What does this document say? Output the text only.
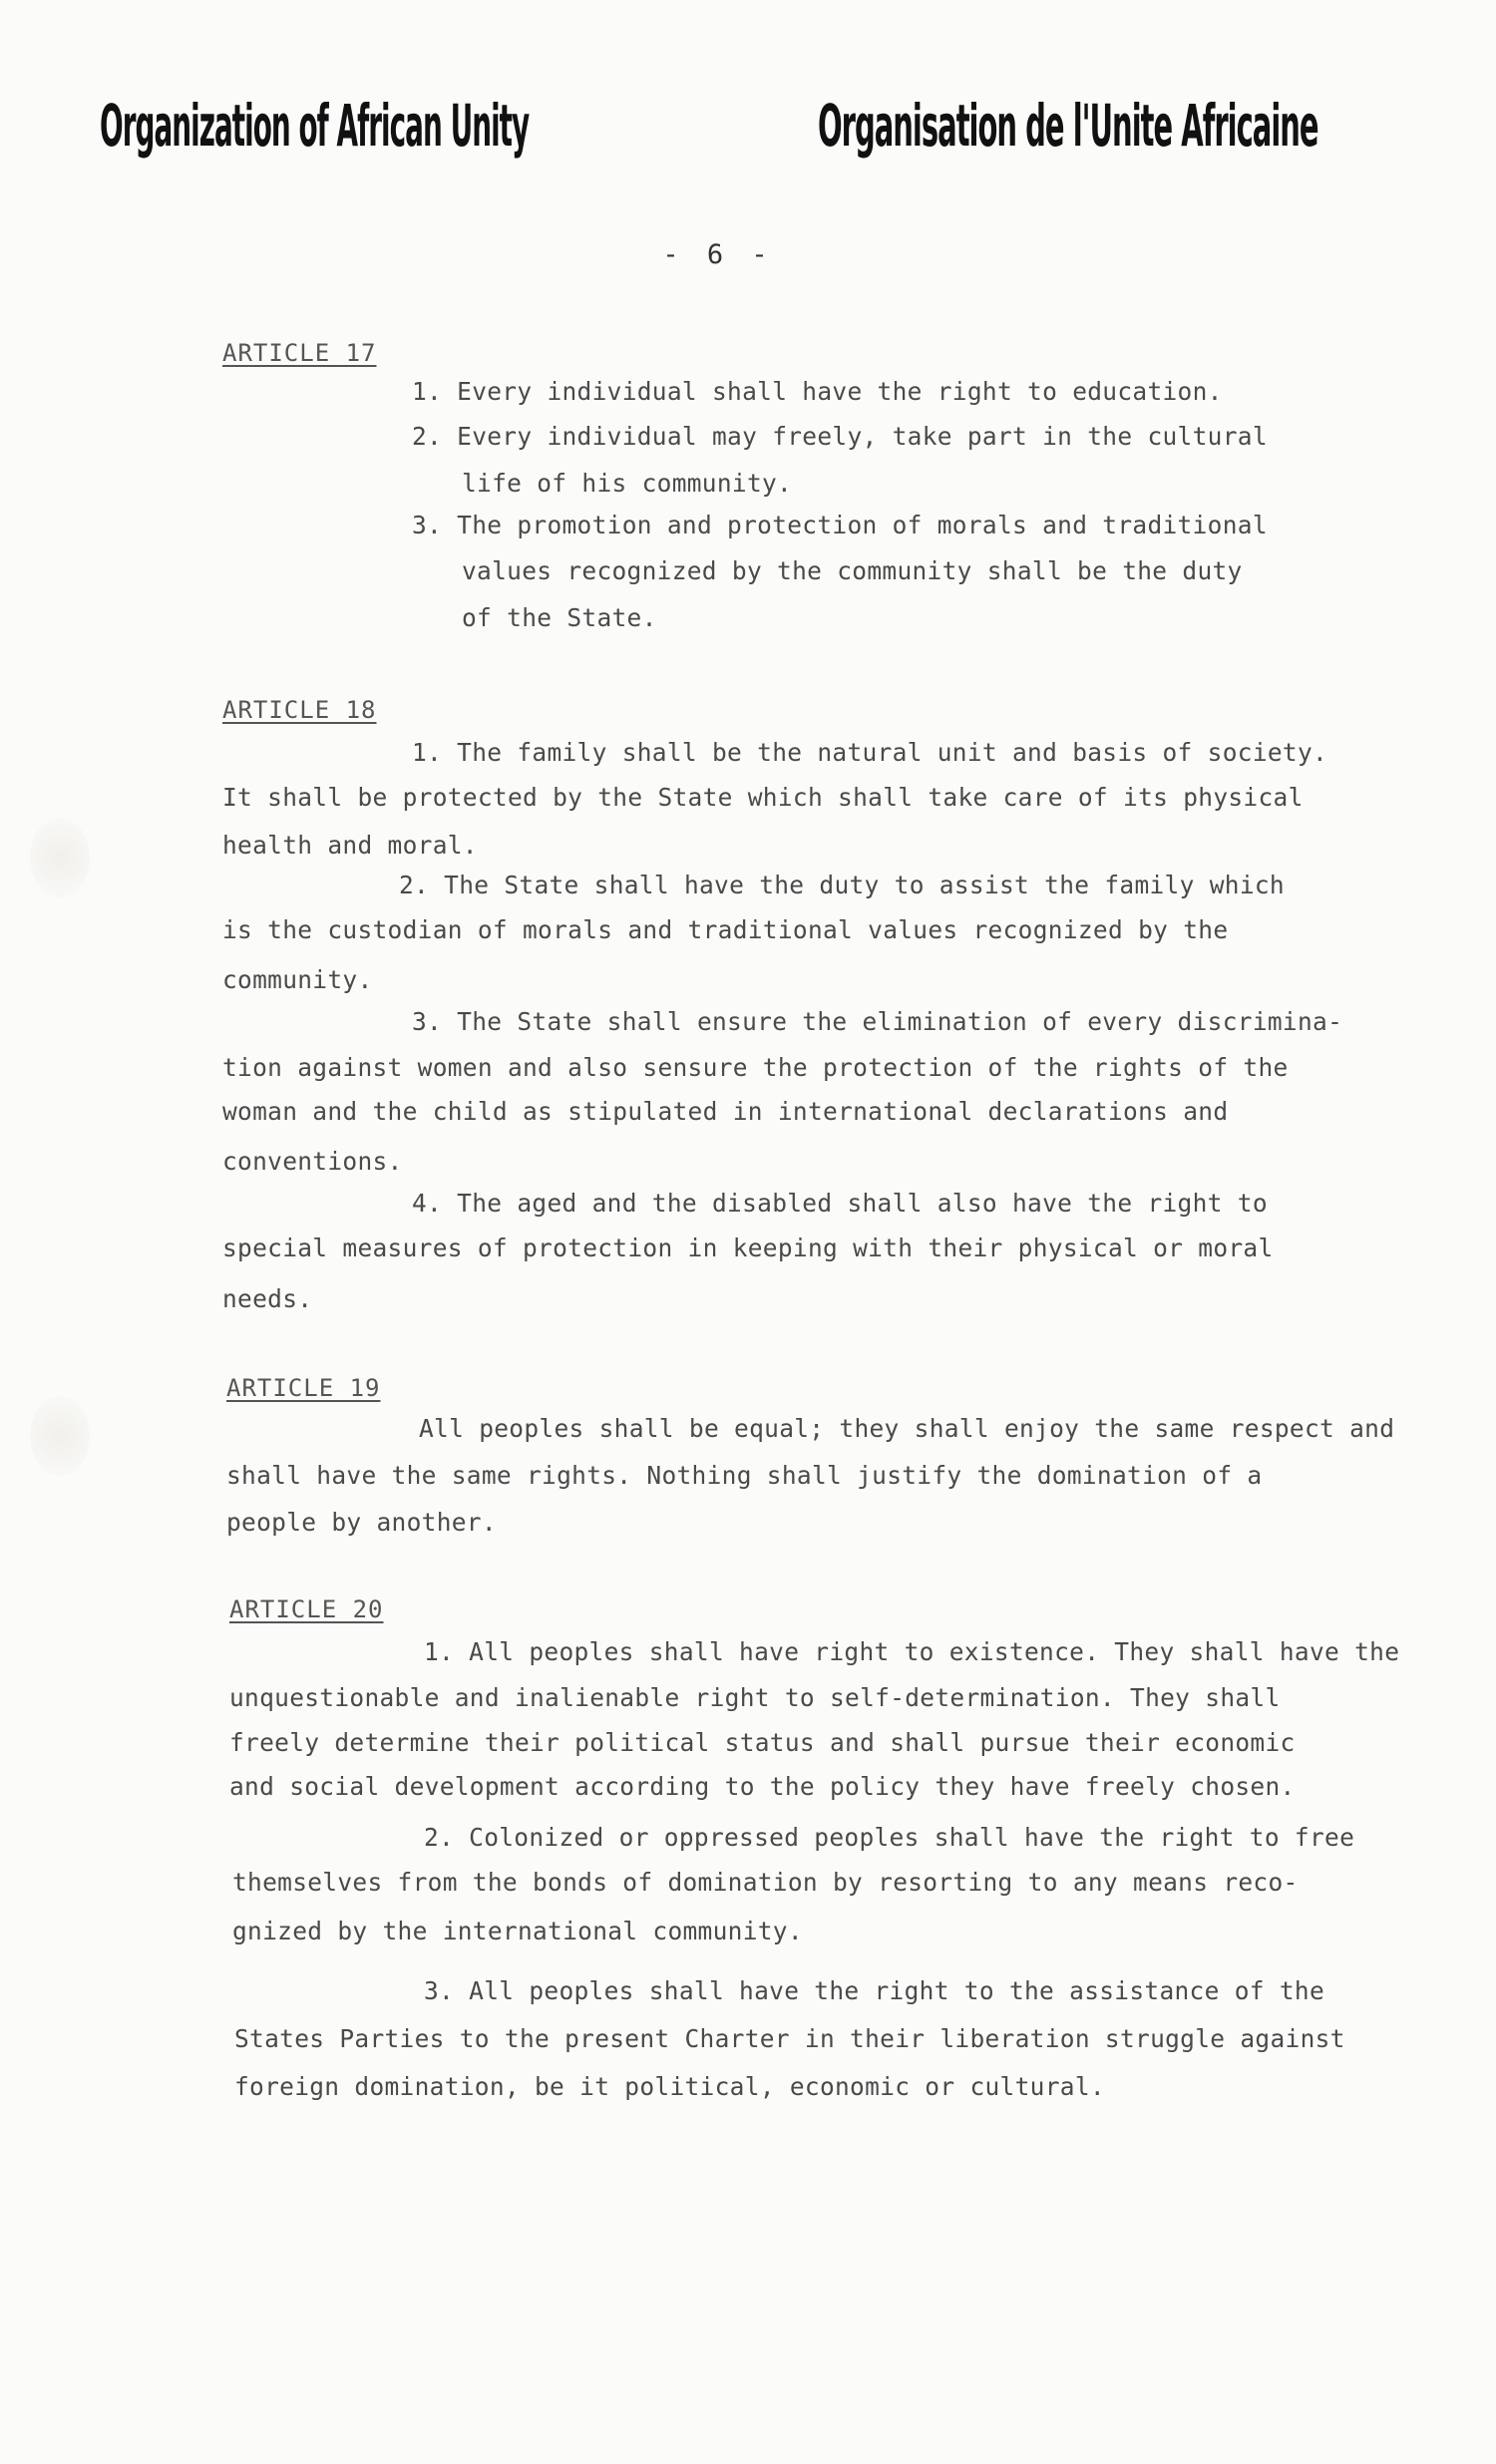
Organization of African Unity	Organisation de l'Unite Africaine
- 6 -
ARTICLE 17
1. Every individual shall have the right to education.
2. Every individual may freely, take part in the cultural
life of his community.
3. The promotion and protection of morals and traditional
values recognized by the community shall be the duty
of the State.
ARTICLE 18
1. The family shall be the natural unit and basis of society.
It shall be protected by the State which shall take care of its physical
health and moral.
2. The State shall have the duty to assist the family which
is the custodian of morals and traditional values recognized by the
community.
3. The State shall ensure the elimination of every discrimina-
tion against women and also sensure the protection of the rights of the
woman and the child as stipulated in international declarations and
conventions.
4. The aged and the disabled shall also have the right to
special measures of protection in keeping with their physical or moral
needs.
ARTICLE 19
All peoples shall be equal; they shall enjoy the same respect and
shall have the same rights. Nothing shall justify the domination of a
people by another.
ARTICLE 20
1. All peoples shall have right to existence. They shall have the
unquestionable and inalienable right to self-determination. They shall
freely determine their political status and shall pursue their economic
and social development according to the policy they have freely chosen.
2. Colonized or oppressed peoples shall have the right to free
themselves from the bonds of domination by resorting to any means reco-
gnized by the international community.
3. All peoples shall have the right to the assistance of the
States Parties to the present Charter in their liberation struggle against
foreign domination, be it political, economic or cultural.
